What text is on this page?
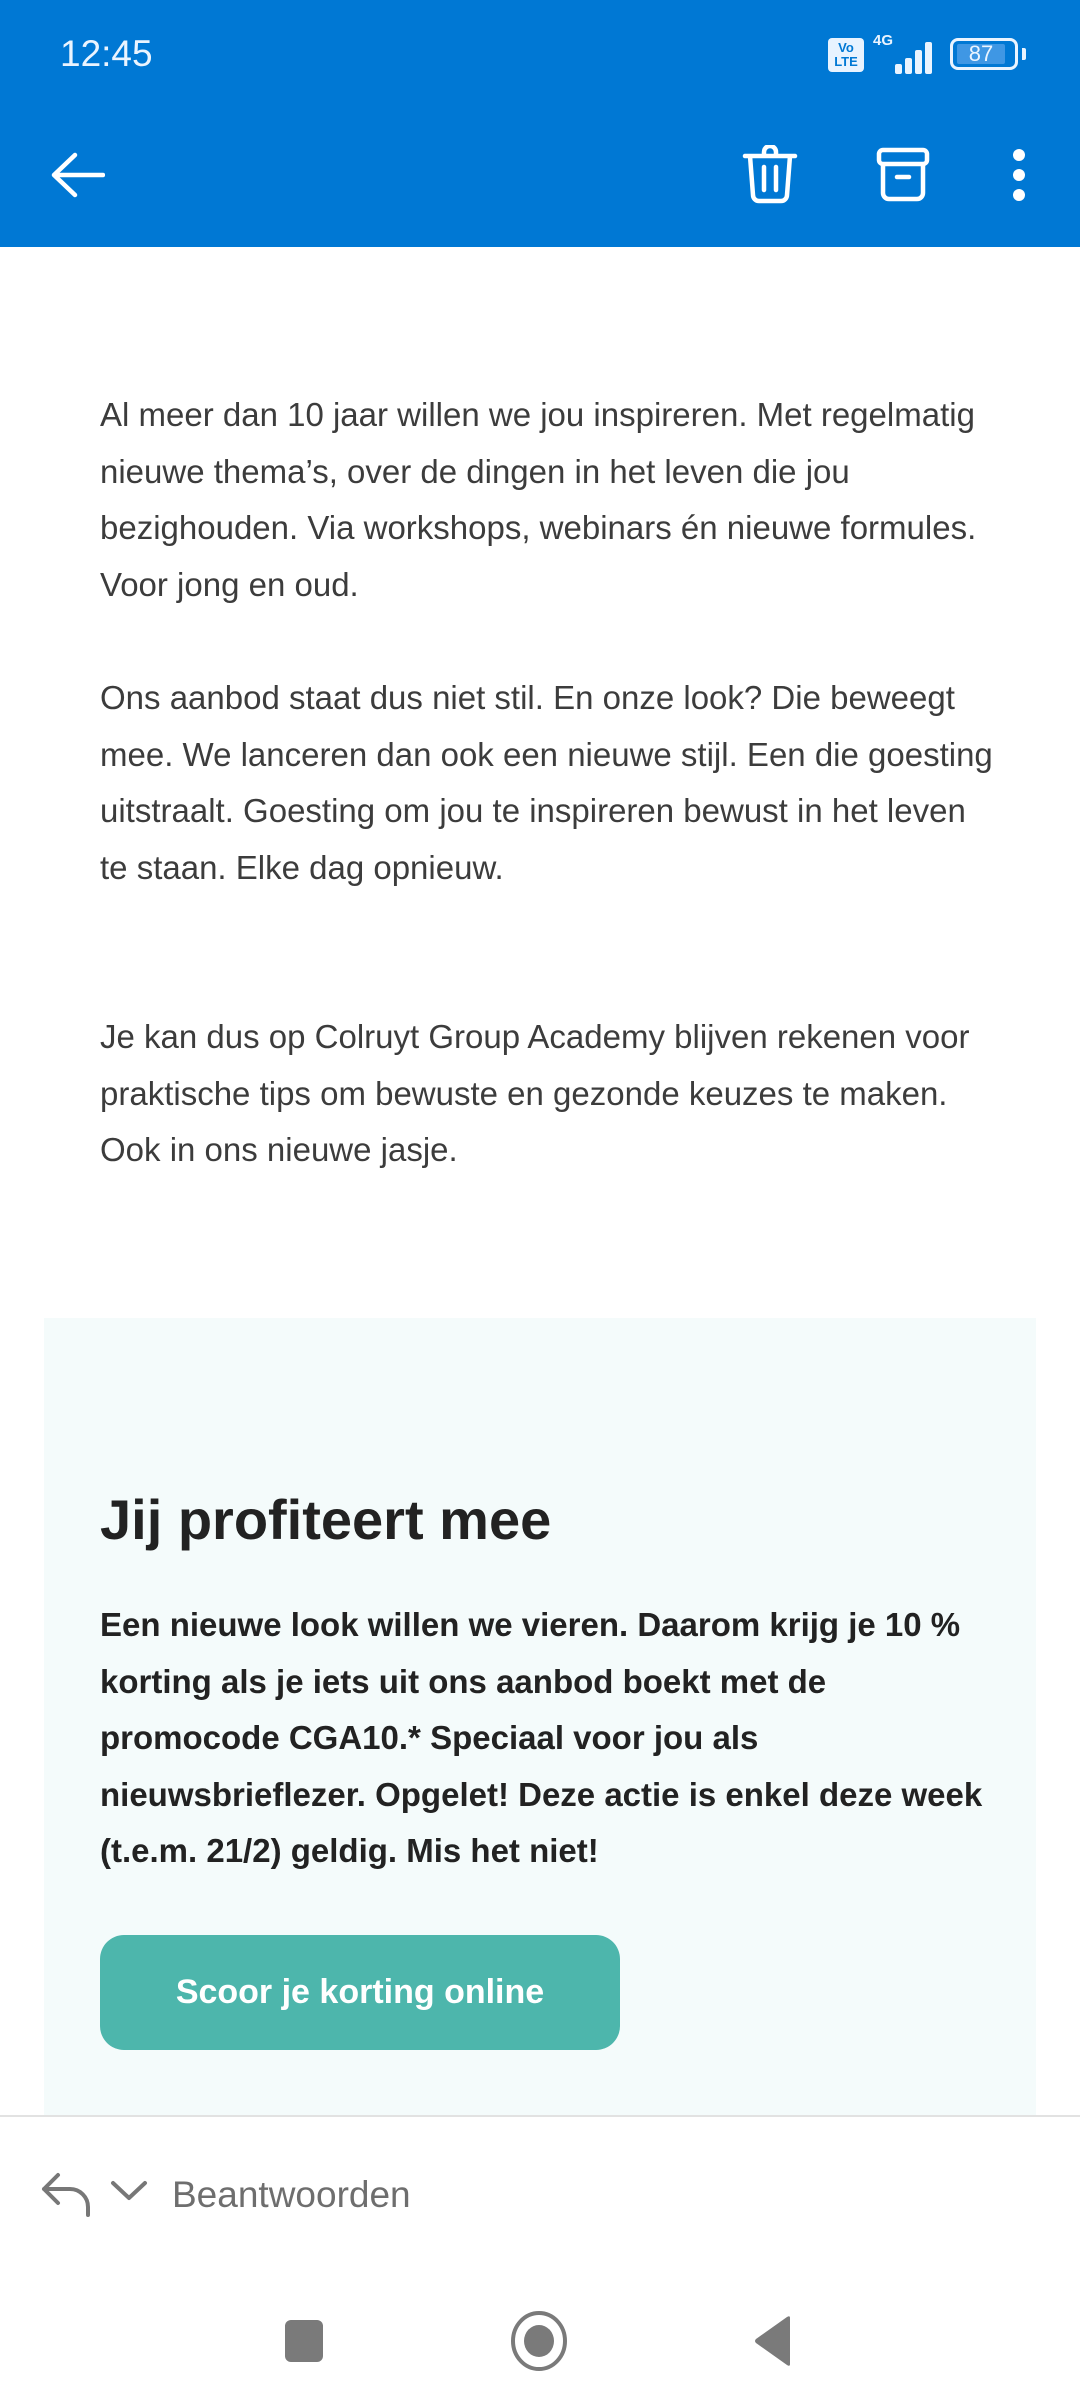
12:45	Vo
LTE
4G
87

Al meer dan 10 jaar willen we jou inspireren. Met regelmatig nieuwe thema’s, over de dingen in het leven die jou bezighouden. Via workshops, webinars én nieuwe formules. Voor jong en oud.

Ons aanbod staat dus niet stil. En onze look? Die beweegt mee. We lanceren dan ook een nieuwe stijl. Een die goesting uitstraalt. Goesting om jou te inspireren bewust in het leven te staan. Elke dag opnieuw.

Je kan dus op Colruyt Group Academy blijven rekenen voor praktische tips om bewuste en gezonde keuzes te maken. Ook in ons nieuwe jasje.

Jij profiteert mee

Een nieuwe look willen we vieren. Daarom krijg je 10 % korting als je iets uit ons aanbod boekt met de promocode CGA10.* Speciaal voor jou als nieuwsbrieflezer. Opgelet! Deze actie is enkel deze week (t.e.m. 21/2) geldig. Mis het niet!

Scoor je korting online
Beantwoorden
